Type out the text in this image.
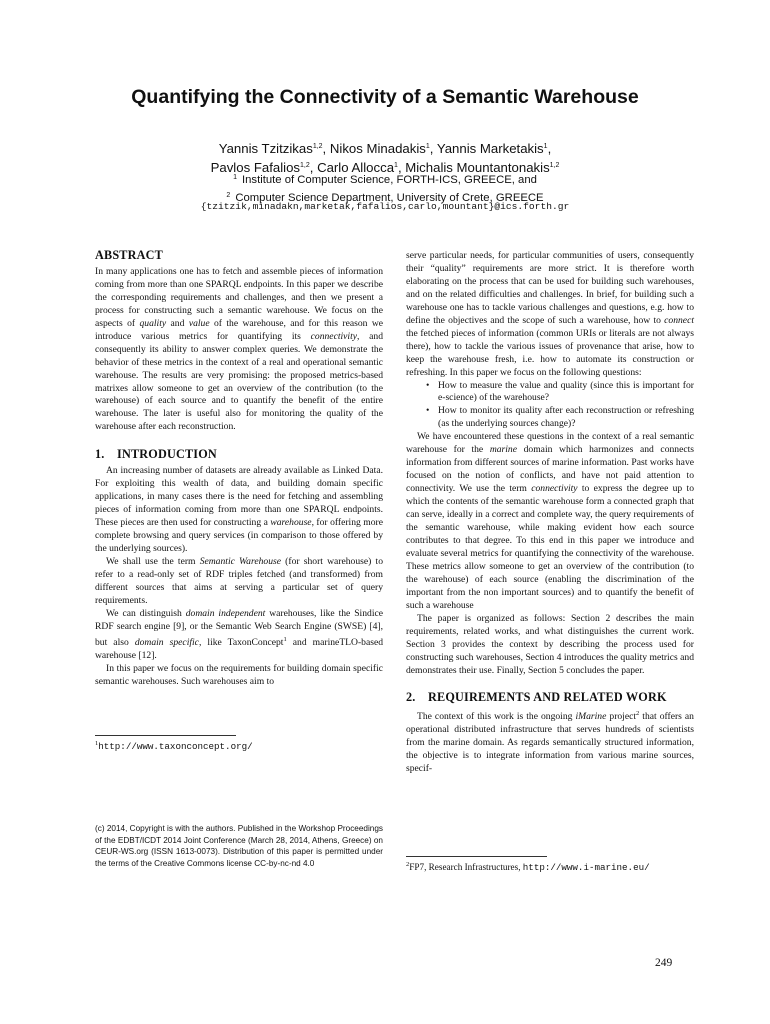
Quantifying the Connectivity of a Semantic Warehouse
Yannis Tzitzikas$^{1,2}$, Nikos Minadakis$^1$, Yannis Marketakis$^1$,
Pavlos Fafalios$^{1,2}$, Carlo Allocca$^1$, Michalis Mountantonakis$^{1,2}$
$^1$ Institute of Computer Science, FORTH-ICS, GREECE, and
$^2$ Computer Science Department, University of Crete, GREECE
{tzitzik,minadakn,marketak,fafalios,carlo,mountant}@ics.forth.gr
ABSTRACT

In many applications one has to fetch and assemble pieces of information coming from more than one SPARQL endpoints. In this paper we describe the corresponding requirements and challenges, and then we present a process for constructing such a semantic warehouse. We focus on the aspects of quality and value of the warehouse, and for this reason we introduce various metrics for quantifying its connectivity, and consequently its ability to answer complex queries. We demonstrate the behavior of these metrics in the context of a real and operational semantic warehouse. The results are very promising: the proposed metrics-based matrixes allow someone to get an overview of the contribution (to the warehouse) of each source and to quantify the benefit of the entire warehouse. The later is useful also for monitoring the quality of the warehouse after each reconstruction.

1. INTRODUCTION

An increasing number of datasets are already available as Linked Data. For exploiting this wealth of data, and building domain specific applications, in many cases there is the need for fetching and assembling pieces of information coming from more than one SPARQL endpoints. These pieces are then used for constructing a warehouse, for offering more complete browsing and query services (in comparison to those offered by the underlying sources).

We shall use the term Semantic Warehouse (for short warehouse) to refer to a read-only set of RDF triples fetched (and transformed) from different sources that aims at serving a particular set of query requirements.

We can distinguish domain independent warehouses, like the Sindice RDF search engine [9], or the Semantic Web Search Engine (SWSE) [4], but also domain specific, like TaxonConcept$^1$ and marineTLO-based warehouse [12].

In this paper we focus on the requirements for building domain specific semantic warehouses. Such warehouses aim to

$^1$http://www.taxonconcept.org/
(c) 2014, Copyright is with the authors. Published in the Workshop Proceedings of the EDBT/ICDT 2014 Joint Conference (March 28, 2014, Athens, Greece) on CEUR-WS.org (ISSN 1613-0073). Distribution of this paper is permitted under the terms of the Creative Commons license CC-by-nc-nd 4.0

serve particular needs, for particular communities of users, consequently their “quality” requirements are more strict. It is therefore worth elaborating on the process that can be used for building such warehouses, and on the related difficulties and challenges. In brief, for building such a warehouse one has to tackle various challenges and questions, e.g. how to define the objectives and the scope of such a warehouse, how to connect the fetched pieces of information (common URIs or literals are not always there), how to tackle the various issues of provenance that arise, how to keep the warehouse fresh, i.e. how to automate its construction or refreshing. In this paper we focus on the following questions:

• How to measure the value and quality (since this is important for e-science) of the warehouse?
• How to monitor its quality after each reconstruction or refreshing (as the underlying sources change)?

We have encountered these questions in the context of a real semantic warehouse for the marine domain which harmonizes and connects information from different sources of marine information. Past works have focused on the notion of conflicts, and have not paid attention to connectivity. We use the term connectivity to express the degree up to which the contents of the semantic warehouse form a connected graph that can serve, ideally in a correct and complete way, the query requirements of the semantic warehouse, while making evident how each source contributes to that degree. To this end in this paper we introduce and evaluate several metrics for quantifying the connectivity of the warehouse. These metrics allow someone to get an overview of the contribution (to the warehouse) of each source (enabling the discrimination of the important from the non important sources) and to quantify the benefit of such a warehouse

The paper is organized as follows: Section 2 describes the main requirements, related works, and what distinguishes the current work. Section 3 provides the context by describing the process used for constructing such warehouses, Section 4 introduces the quality metrics and demonstrates their use. Finally, Section 5 concludes the paper.

2. REQUIREMENTS AND RELATED WORK

The context of this work is the ongoing iMarine project$^2$ that offers an operational distributed infrastructure that serves hundreds of scientists from the marine domain. As regards semantically structured information, the objective is to integrate information from various marine sources, specif-

$^2$FP7, Research Infrastructures, http://www.i-marine.eu/
249
